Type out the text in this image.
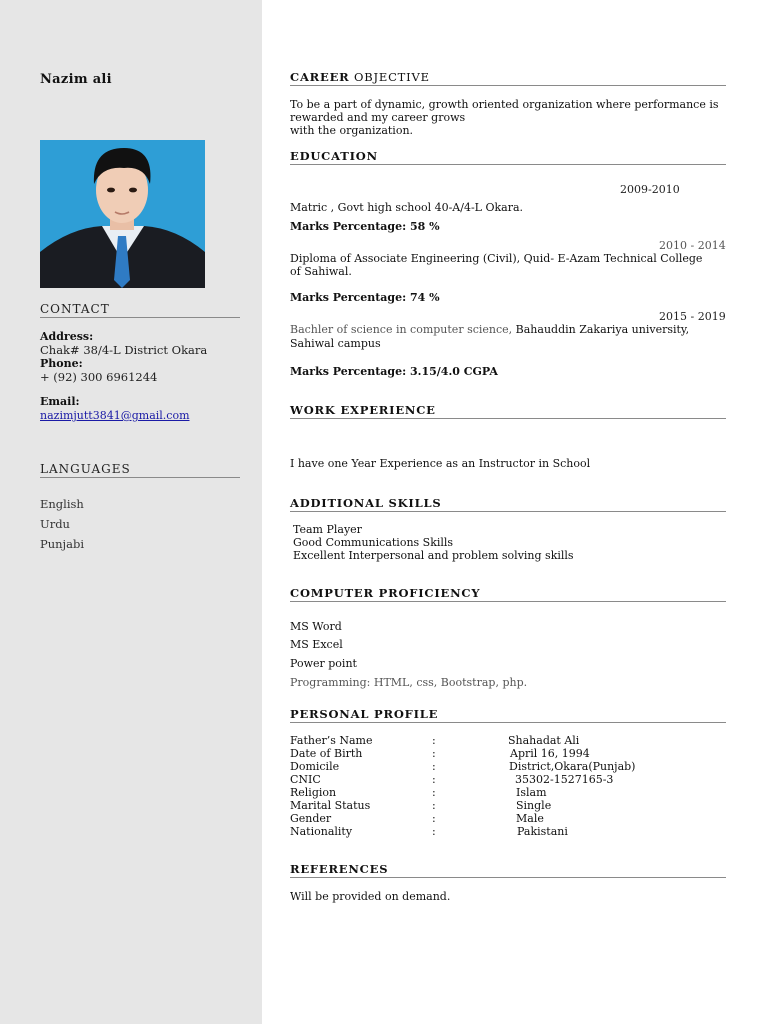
Nazim ali
CONTACT
Address:
Chak# 38/4-L District Okara
Phone:
+ (92) 300 6961244
Email:
nazimjutt3841@gmail.com
LANGUAGES
English
Urdu
Punjabi
CAREER OBJECTIVE
To be a part of dynamic, growth oriented organization where performance is
rewarded and my career grows
with the organization.
EDUCATION
2009-2010
Matric , Govt high school 40-A/4-L Okara.
Marks Percentage: 58 %
2010 - 2014
Diploma of Associate Engineering (Civil), Quid- E-Azam Technical College
of Sahiwal.
Marks Percentage: 74 %
2015 - 2019
Bachler of science in computer science, Bahauddin Zakariya university,
Sahiwal campus
Marks Percentage: 3.15/4.0 CGPA
WORK EXPERIENCE
I have one Year Experience as an Instructor in School
ADDITIONAL SKILLS
Team Player
Good Communications Skills
Excellent Interpersonal and problem solving skills
COMPUTER PROFICIENCY
MS Word
MS Excel
Power point
Programming: HTML, css, Bootstrap, php.
PERSONAL PROFILE
Father’s Name	:	Shahadat Ali
Date of Birth	:	April 16, 1994
Domicile	:	District,Okara(Punjab)
CNIC	:	35302-1527165-3
Religion	:	Islam
Marital Status	:	Single
Gender	:	Male
Nationality	:	Pakistani
REFERENCES
Will be provided on demand.
